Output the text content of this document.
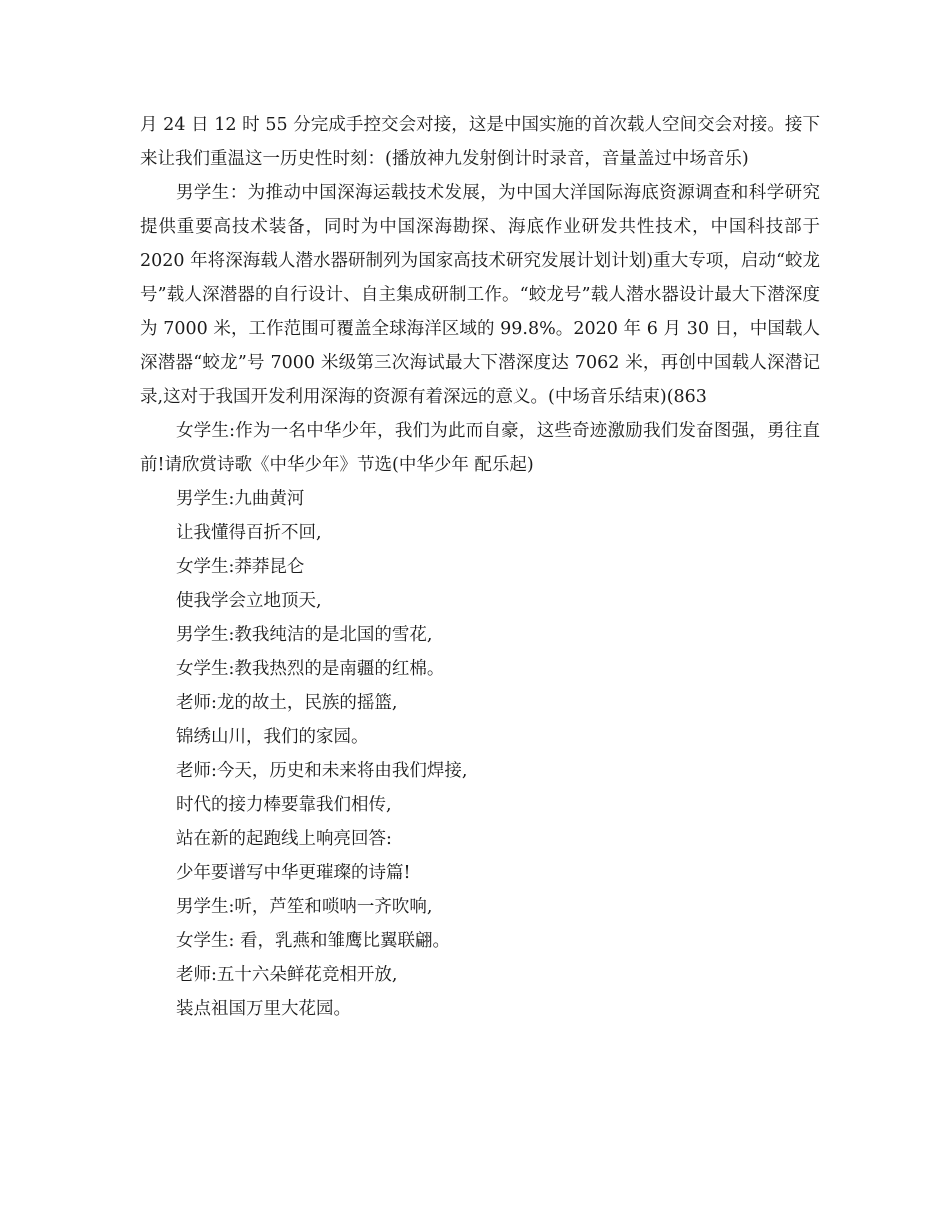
月 24 日 12 时 55 分完成手控交会对接，这是中国实施的首次载人空间交会对接。接下来让我们重温这一历史性时刻：(播放神九发射倒计时录音，音量盖过中场音乐)

男学生：为推动中国深海运载技术发展，为中国大洋国际海底资源调查和科学研究提供重要高技术装备，同时为中国深海勘探、海底作业研发共性技术，中国科技部于 2020 年将深海载人潜水器研制列为国家高技术研究发展计划计划)重大专项，启动“蛟龙号”载人深潜器的自行设计、自主集成研制工作。“蛟龙号”载人潜水器设计最大下潜深度为 7000 米，工作范围可覆盖全球海洋区域的 99.8%。2020 年 6 月 30 日，中国载人深潜器“蛟龙”号 7000 米级第三次海试最大下潜深度达 7062 米，再创中国载人深潜记录,这对于我国开发利用深海的资源有着深远的意义。(中场音乐结束)(863

女学生:作为一名中华少年，我们为此而自豪，这些奇迹激励我们发奋图强，勇往直前!请欣赏诗歌《中华少年》节选(中华少年 配乐起)

男学生:九曲黄河

让我懂得百折不回,

女学生:莽莽昆仑

使我学会立地顶天,

男学生:教我纯洁的是北国的雪花,

女学生:教我热烈的是南疆的红棉。

老师:龙的故土，民族的摇篮,

锦绣山川，我们的家园。

老师:今天，历史和未来将由我们焊接,

时代的接力棒要靠我们相传,

站在新的起跑线上响亮回答:

少年要谱写中华更璀璨的诗篇!

男学生:听，芦笙和唢呐一齐吹响,

女学生: 看，乳燕和雏鹰比翼联翩。

老师:五十六朵鲜花竞相开放,

装点祖国万里大花园。
